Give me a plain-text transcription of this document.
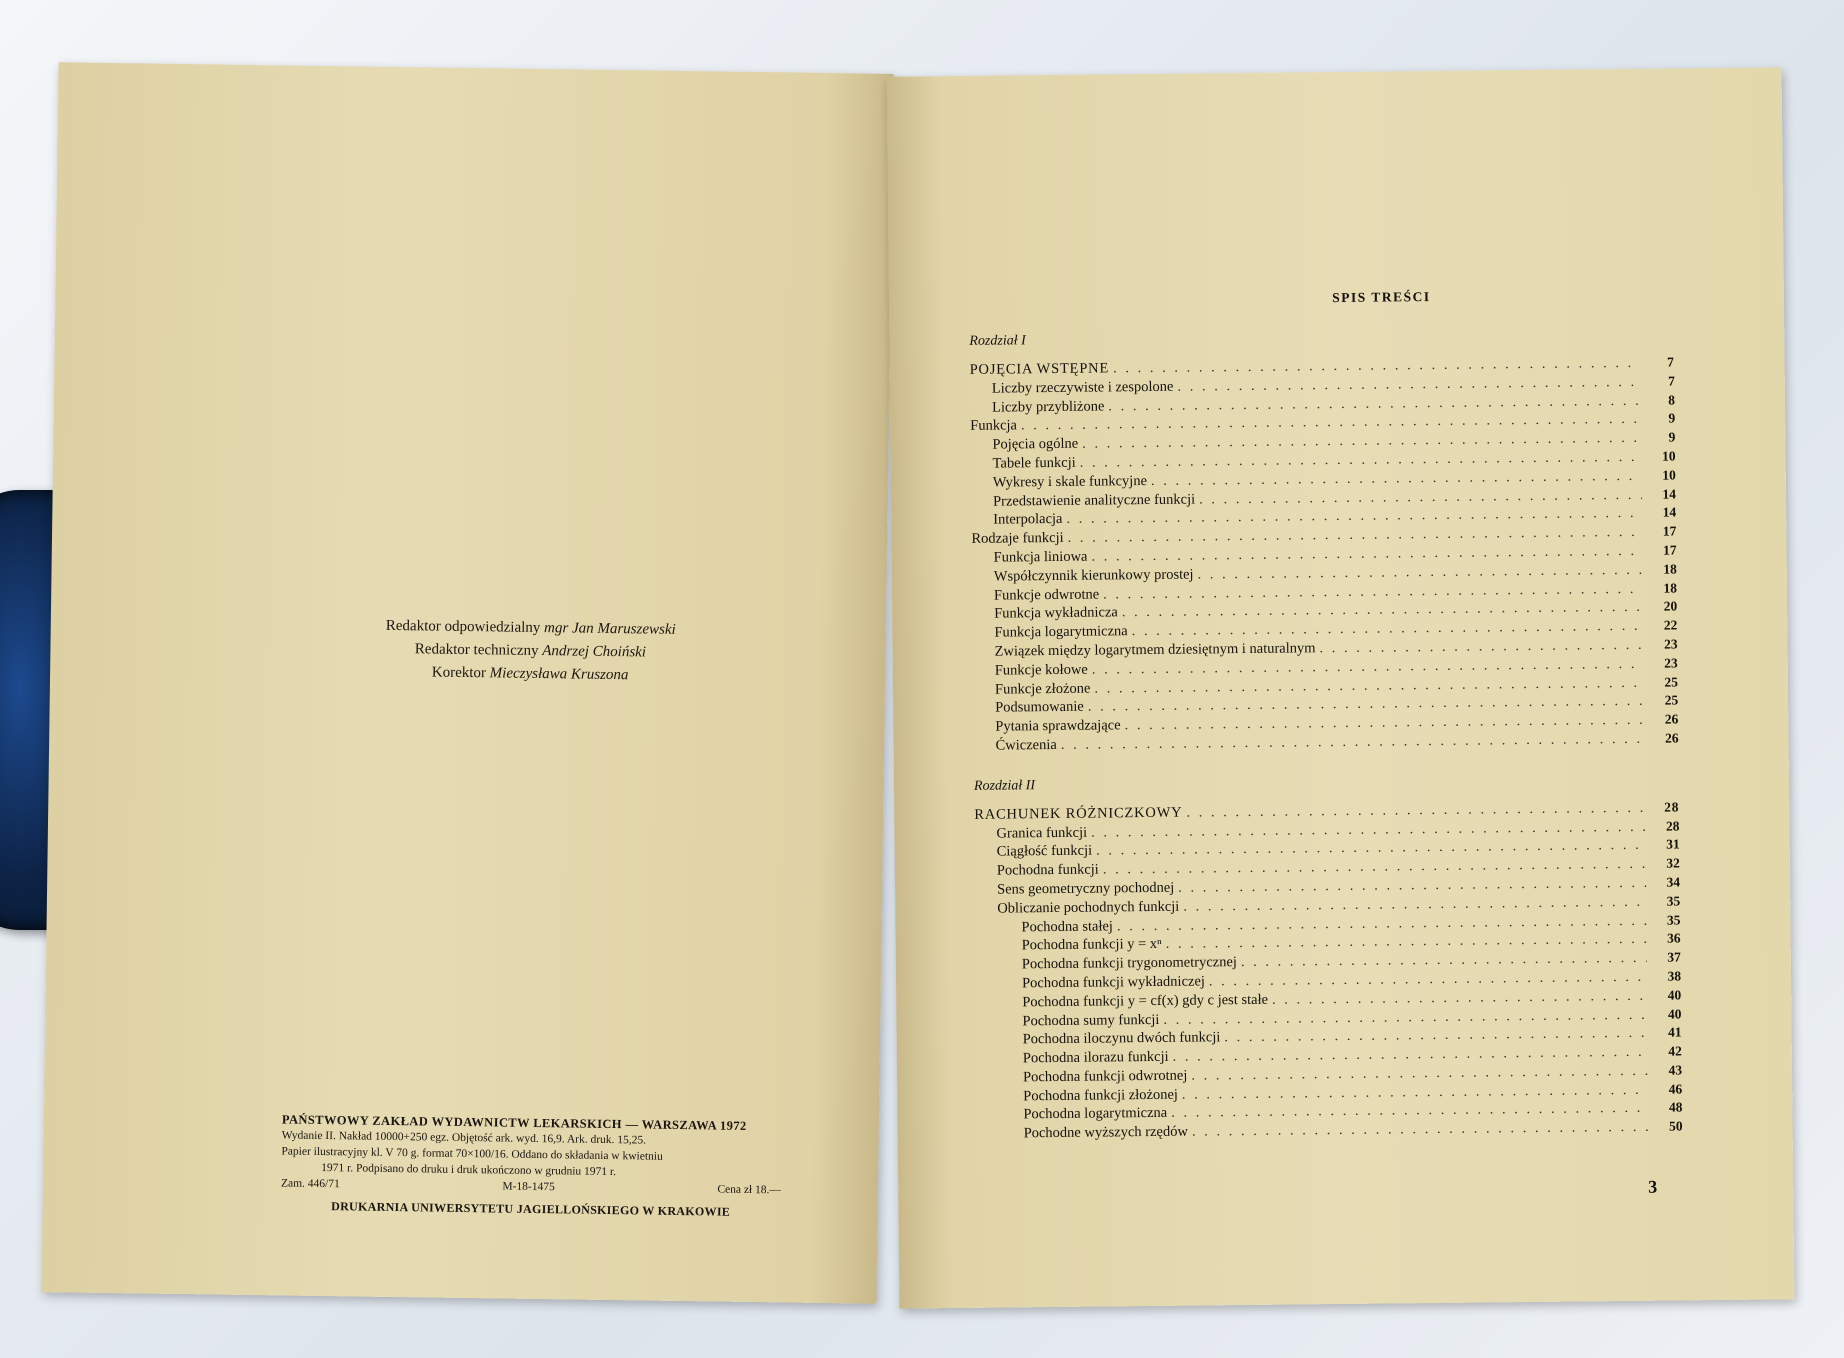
Redaktor odpowiedzialny mgr Jan Maruszewski
Redaktor techniczny Andrzej Choiński
Korektor Mieczysława Kruszona
PAŃSTWOWY ZAKŁAD WYDAWNICTW LEKARSKICH — WARSZAWA 1972
Wydanie II. Nakład 10000+250 egz. Objętość ark. wyd. 16,9. Ark. druk. 15,25.
Papier ilustracyjny kl. V 70 g. format 70×100/16. Oddano do składania w kwietniu
1971 r. Podpisano do druku i druk ukończono w grudniu 1971 r.
Zam. 446/71	M-18-1475	Cena zł 18.—
DRUKARNIA UNIWERSYTETU JAGIELLOŃSKIEGO W KRAKOWIE
SPIS TREŚCI
Rozdział I
POJĘCIA WSTĘPNE . . .	7
Liczby rzeczywiste i zespolone . . .	7
Liczby przybliżone . . .	8
Funkcja . . .	9
Pojęcia ogólne . . .	9
Tabele funkcji . . .	10
Wykresy i skale funkcyjne . . .	10
Przedstawienie analityczne funkcji . . .	14
Interpolacja . . .	14
Rodzaje funkcji . . .	17
Funkcja liniowa . . .	17
Współczynnik kierunkowy prostej . . .	18
Funkcje odwrotne . . .	18
Funkcja wykładnicza . . .	20
Funkcja logarytmiczna . . .	22
Związek między logarytmem dziesiętnym i naturalnym . . .	23
Funkcje kołowe . . .	23
Funkcje złożone . . .	25
Podsumowanie . . .	25
Pytania sprawdzające . . .	26
Ćwiczenia . . .	26
Rozdział II
RACHUNEK RÓŻNICZKOWY . . .	28
Granica funkcji . . .	28
Ciągłość funkcji . . .	31
Pochodna funkcji . . .	32
Sens geometryczny pochodnej . . .	34
Obliczanie pochodnych funkcji . . .	35
Pochodna stałej . . .	35
Pochodna funkcji y = xⁿ . . .	36
Pochodna funkcji trygonometrycznej . . .	37
Pochodna funkcji wykładniczej . . .	38
Pochodna funkcji y = cf(x) gdy c jest stałe . . .	40
Pochodna sumy funkcji . . .	40
Pochodna iloczynu dwóch funkcji . . .	41
Pochodna ilorazu funkcji . . .	42
Pochodna funkcji odwrotnej . . .	43
Pochodna funkcji złożonej . . .	46
Pochodna logarytmiczna . . .	48
Pochodne wyższych rzędów . . .	50
3
